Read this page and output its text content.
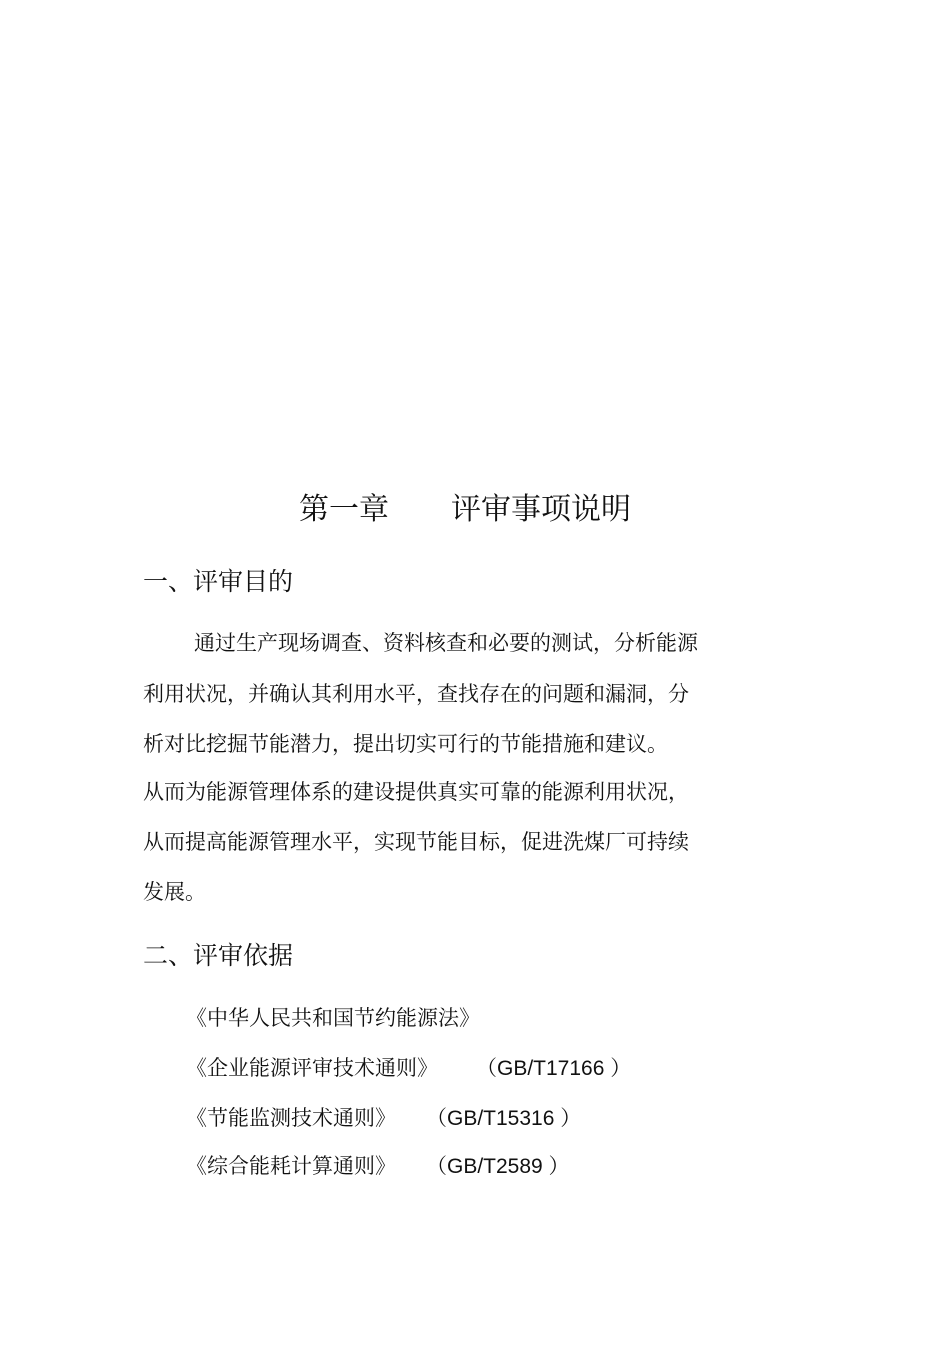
第一章 评审事项说明
一、评审目的
通过生产现场调查、资料核查和必要的测试，分析能源
利用状况，并确认其利用水平，查找存在的问题和漏洞，分
析对比挖掘节能潜力，提出切实可行的节能措施和建议。
从而为能源管理体系的建设提供真实可靠的能源利用状况，
从而提高能源管理水平，实现节能目标，促进洗煤厂可持续
发展。
二、评审依据
《中华人民共和国节约能源法》
《企业能源评审技术通则》 （GB/T17166 ）
《节能监测技术通则》 （GB/T15316 ）
《综合能耗计算通则》 （GB/T2589 ）
